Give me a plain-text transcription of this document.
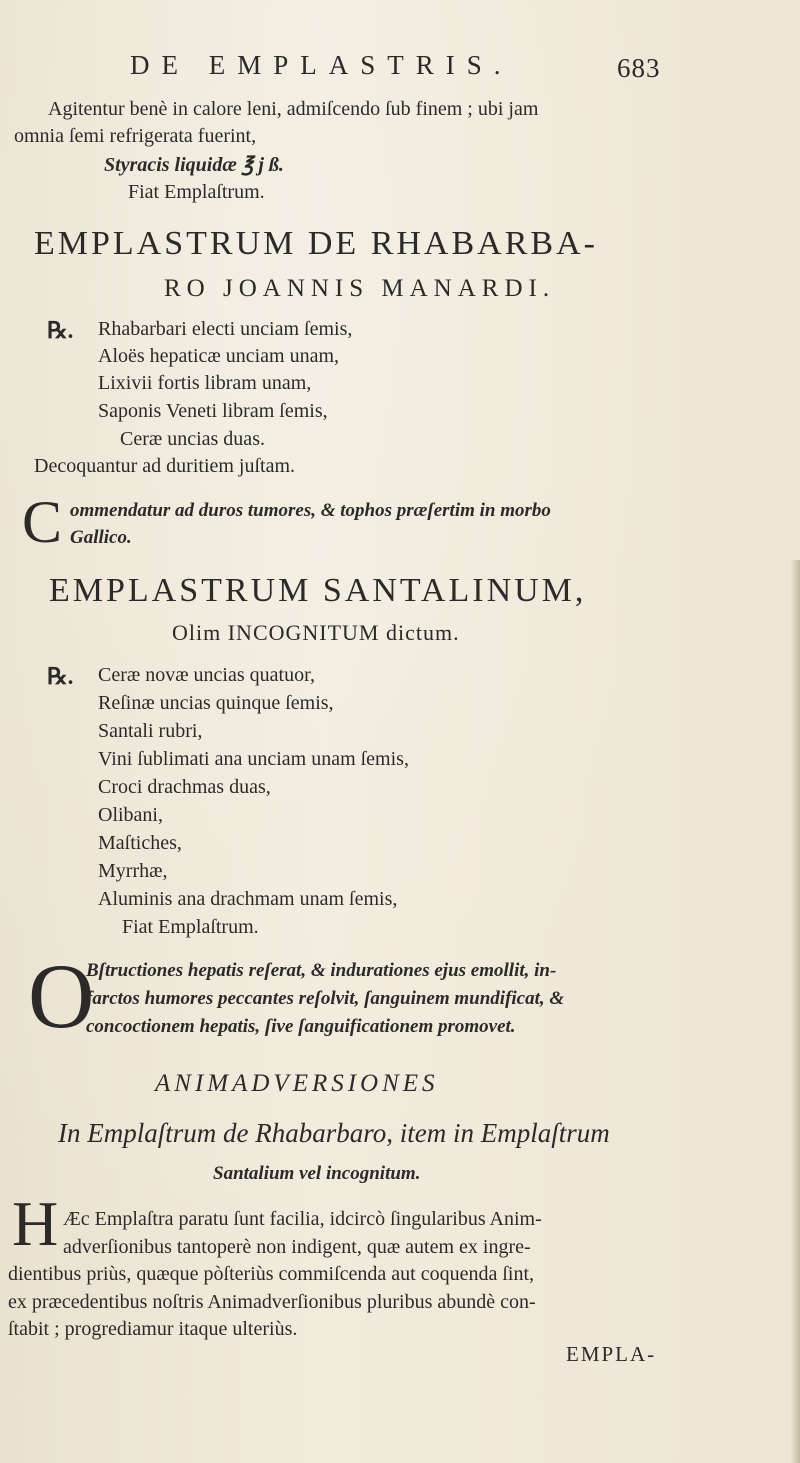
DE EMPLASTRIS.	683
Agitentur benè in calore leni, admiſcendo ſub finem ; ubi jam
omnia ſemi refrigerata fuerint,
Styracis liquidæ ℥ j ß.
Fiat Emplaſtrum.
EMPLASTRUM DE RHABARBA-
RO JOANNIS MANARDI.
℞. Rhabarbari electi unciam ſemis,
Aloës hepaticæ unciam unam,
Lixivii fortis libram unam,
Saponis Veneti libram ſemis,
Ceræ uncias duas.
Decoquantur ad duritiem juſtam.
C ommendatur ad duros tumores, & tophos præſertim in morbo
Gallico.
EMPLASTRUM SANTALINUM,
Olim INCOGNITUM dictum.
℞. Ceræ novæ uncias quatuor,
Reſinæ uncias quinque ſemis,
Santali rubri,
Vini ſublimati ana unciam unam ſemis,
Croci drachmas duas,
Olibani,
Maſtiches,
Myrrhæ,
Aluminis ana drachmam unam ſemis,
Fiat Emplaſtrum.
O
Bſtructiones hepatis reſerat, & indurationes ejus emollit, in-
farctos humores peccantes reſolvit, ſanguinem mundificat, &
concoctionem hepatis, ſive ſanguificationem promovet.
ANIMADVERSIONES
In Emplaſtrum de Rhabarbaro, item in Emplaſtrum
Santalium vel incognitum.
H Æc Emplaſtra paratu ſunt facilia, idcircò ſingularibus Anim-
adverſionibus tantoperè non indigent, quæ autem ex ingre-
dientibus priùs, quæque pòſteriùs commiſcenda aut coquenda ſint,
ex præcedentibus noſtris Animadverſionibus pluribus abundè con-
ſtabit ; progrediamur itaque ulteriùs.
EMPLA-
